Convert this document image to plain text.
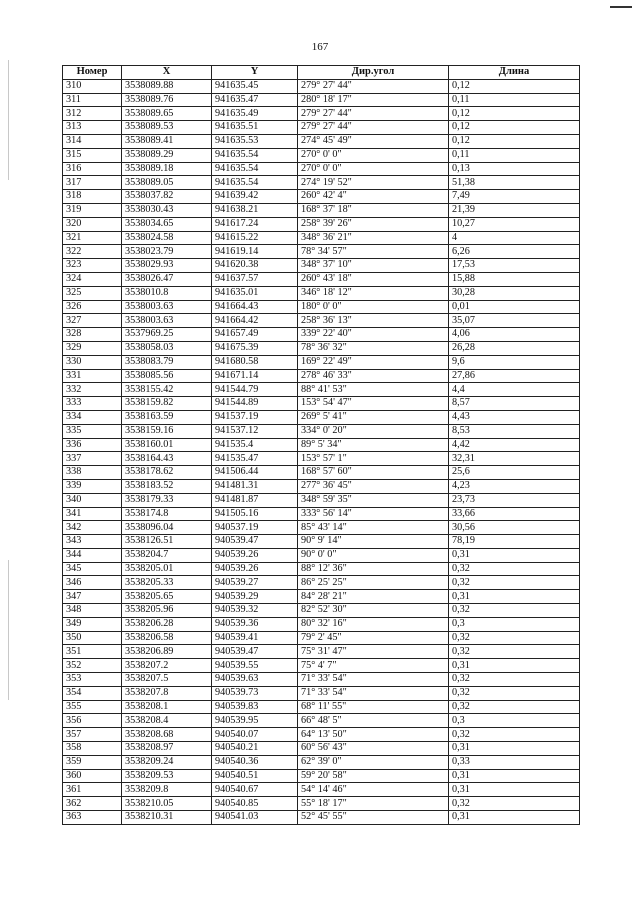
167
Номер	X	Y	Дир.угол	Длина
310	3538089.88	941635.45	279° 27' 44"	0,12
311	3538089.76	941635.47	280° 18' 17"	0,11
312	3538089.65	941635.49	279° 27' 44"	0,12
313	3538089.53	941635.51	279° 27' 44"	0,12
314	3538089.41	941635.53	274° 45' 49"	0,12
315	3538089.29	941635.54	270° 0' 0"	0,11
316	3538089.18	941635.54	270° 0' 0"	0,13
317	3538089.05	941635.54	274° 19' 52"	51,38
318	3538037.82	941639.42	260° 42' 4"	7,49
319	3538030.43	941638.21	168° 37' 18"	21,39
320	3538034.65	941617.24	258° 39' 26"	10,27
321	3538024.58	941615.22	348° 36' 21"	4
322	3538023.79	941619.14	78° 34' 57"	6,26
323	3538029.93	941620.38	348° 37' 10"	17,53
324	3538026.47	941637.57	260° 43' 18"	15,88
325	3538010.8	941635.01	346° 18' 12"	30,28
326	3538003.63	941664.43	180° 0' 0"	0,01
327	3538003.63	941664.42	258° 36' 13"	35,07
328	3537969.25	941657.49	339° 22' 40"	4,06
329	3538058.03	941675.39	78° 36' 32"	26,28
330	3538083.79	941680.58	169° 22' 49"	9,6
331	3538085.56	941671.14	278° 46' 33"	27,86
332	3538155.42	941544.79	88° 41' 53"	4,4
333	3538159.82	941544.89	153° 54' 47"	8,57
334	3538163.59	941537.19	269° 5' 41"	4,43
335	3538159.16	941537.12	334° 0' 20"	8,53
336	3538160.01	941535.4	89° 5' 34"	4,42
337	3538164.43	941535.47	153° 57' 1"	32,31
338	3538178.62	941506.44	168° 57' 60"	25,6
339	3538183.52	941481.31	277° 36' 45"	4,23
340	3538179.33	941481.87	348° 59' 35"	23,73
341	3538174.8	941505.16	333° 56' 14"	33,66
342	3538096.04	940537.19	85° 43' 14"	30,56
343	3538126.51	940539.47	90° 9' 14"	78,19
344	3538204.7	940539.26	90° 0' 0"	0,31
345	3538205.01	940539.26	88° 12' 36"	0,32
346	3538205.33	940539.27	86° 25' 25"	0,32
347	3538205.65	940539.29	84° 28' 21"	0,31
348	3538205.96	940539.32	82° 52' 30"	0,32
349	3538206.28	940539.36	80° 32' 16"	0,3
350	3538206.58	940539.41	79° 2' 45"	0,32
351	3538206.89	940539.47	75° 31' 47"	0,32
352	3538207.2	940539.55	75° 4' 7"	0,31
353	3538207.5	940539.63	71° 33' 54"	0,32
354	3538207.8	940539.73	71° 33' 54"	0,32
355	3538208.1	940539.83	68° 11' 55"	0,32
356	3538208.4	940539.95	66° 48' 5"	0,3
357	3538208.68	940540.07	64° 13' 50"	0,32
358	3538208.97	940540.21	60° 56' 43"	0,31
359	3538209.24	940540.36	62° 39' 0"	0,33
360	3538209.53	940540.51	59° 20' 58"	0,31
361	3538209.8	940540.67	54° 14' 46"	0,31
362	3538210.05	940540.85	55° 18' 17"	0,32
363	3538210.31	940541.03	52° 45' 55"	0,31
